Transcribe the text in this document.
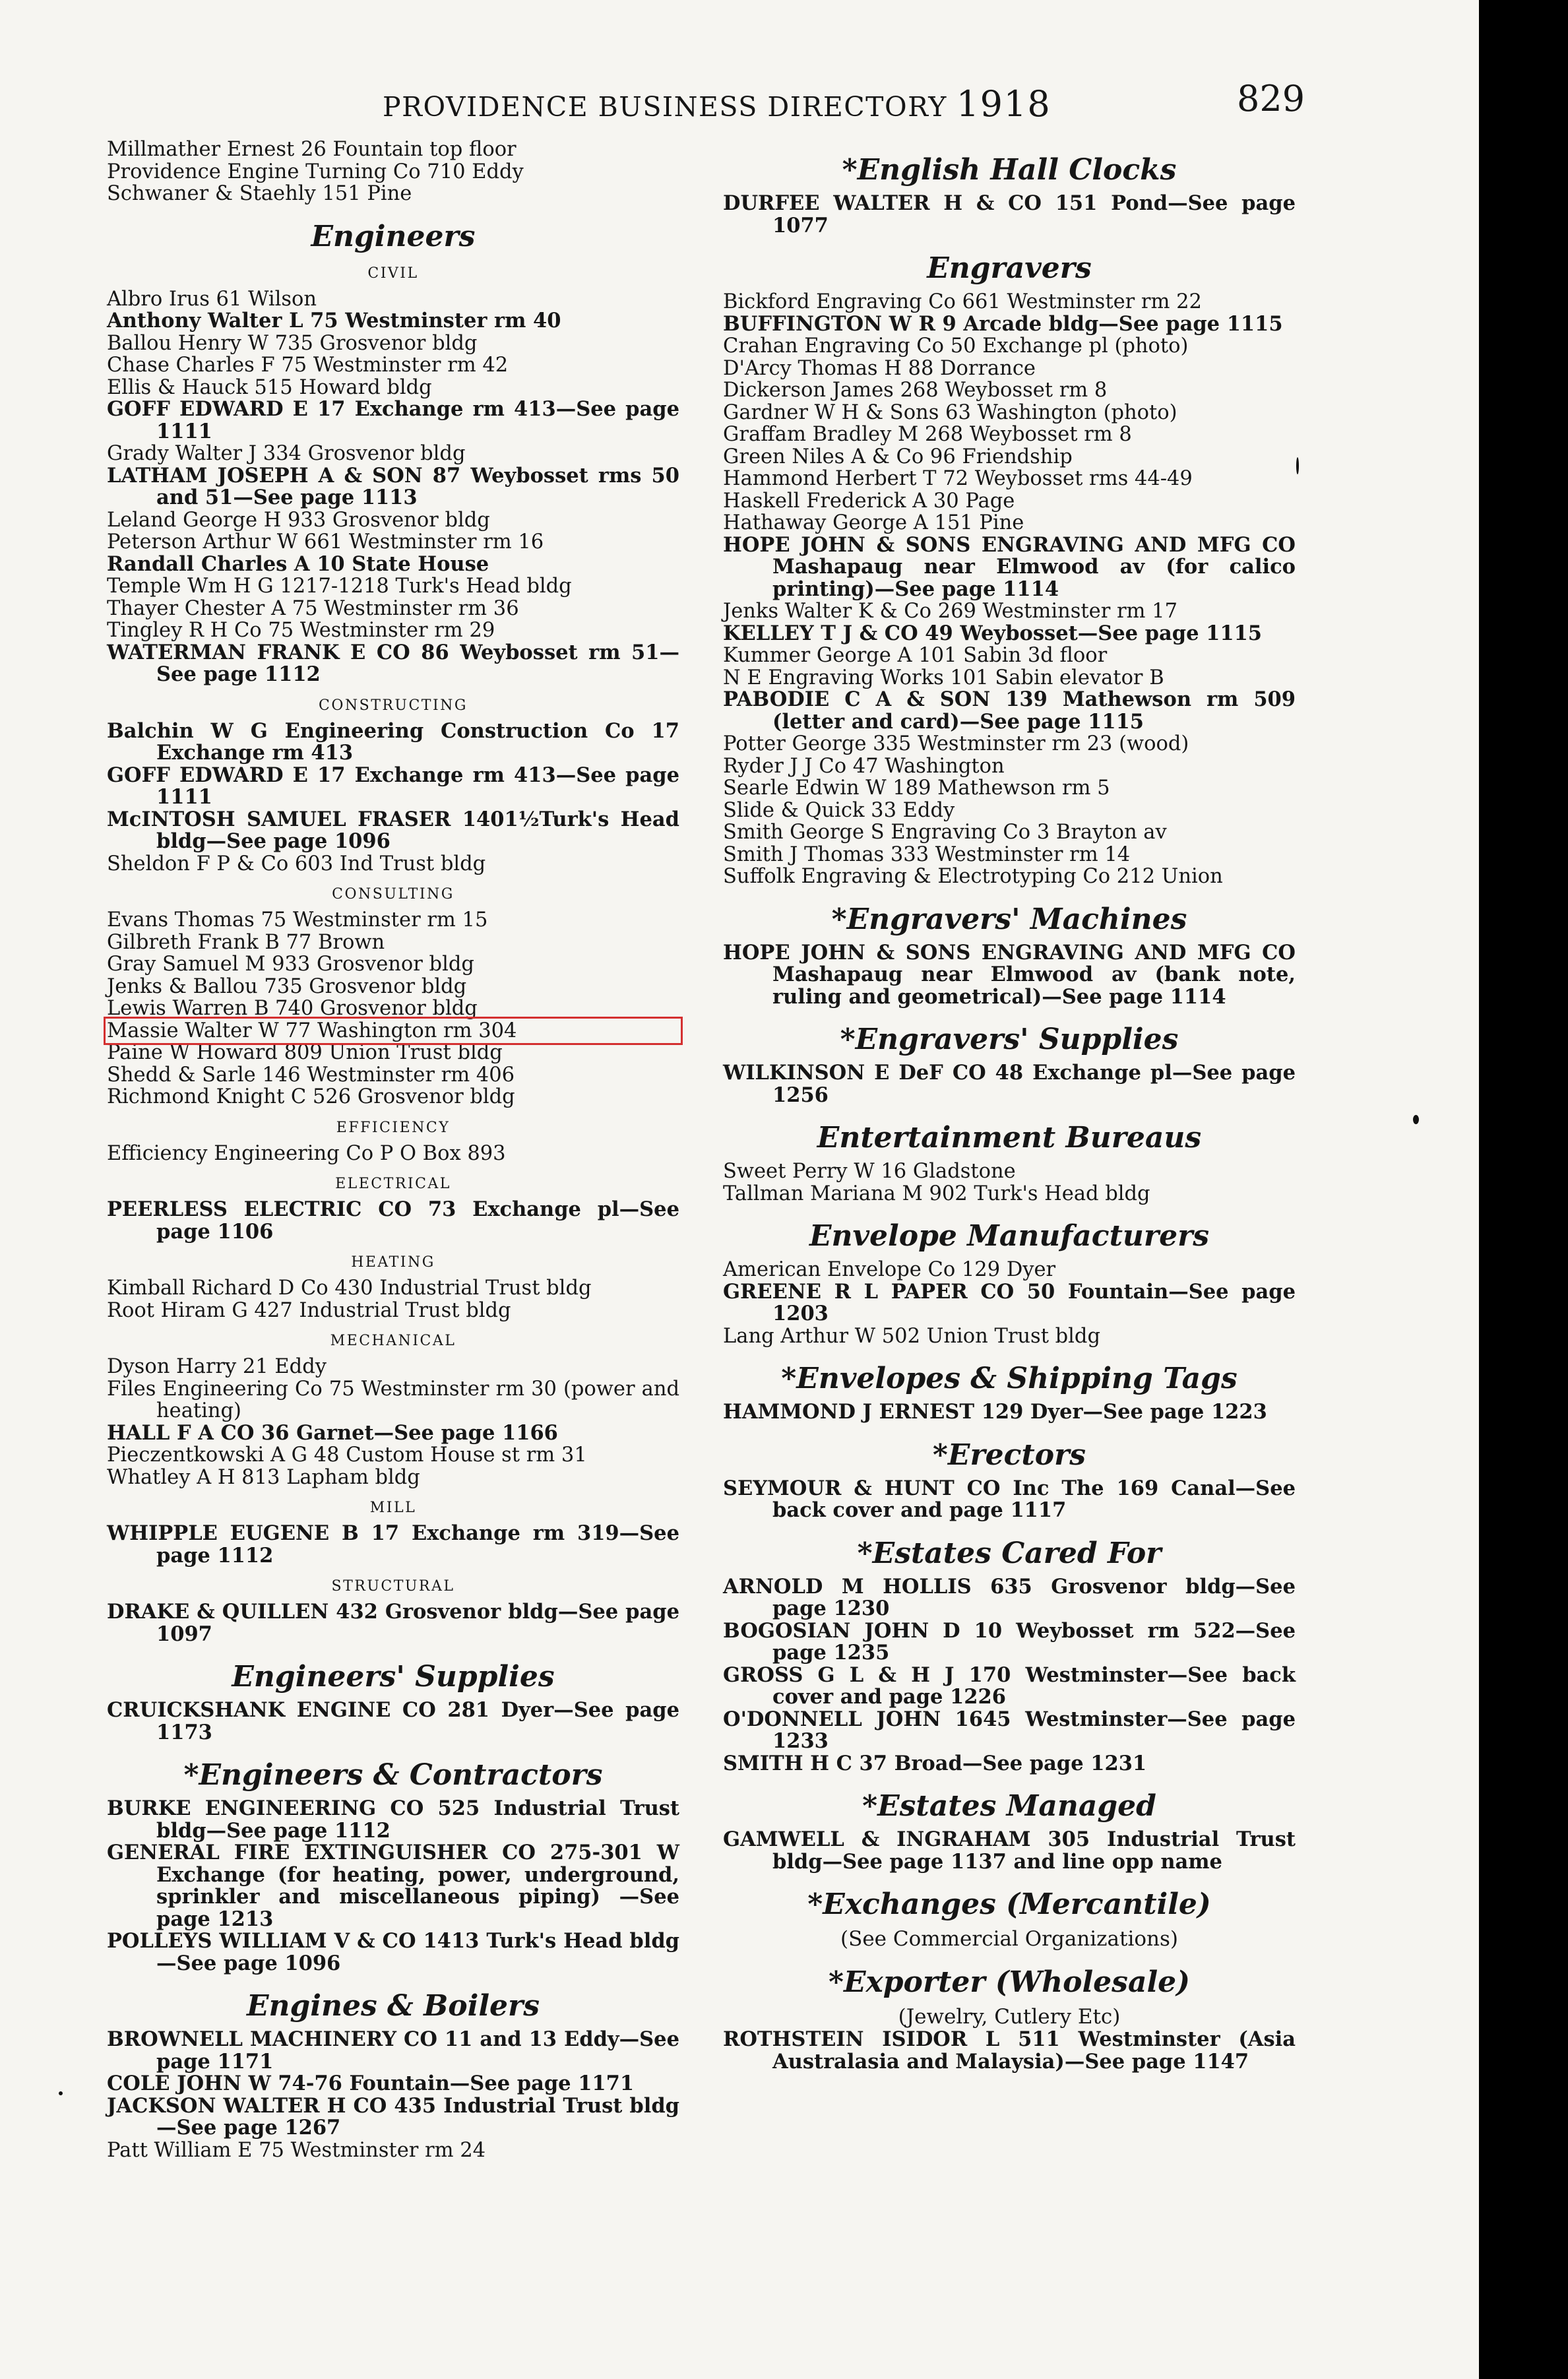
PROVIDENCE BUSINESS DIRECTORY 1918	829
Millmather Ernest 26 Fountain top floor
Providence Engine Turning Co 710 Eddy
Schwaner & Staehly 151 Pine
Engineers
CIVIL
Albro Irus 61 Wilson
Anthony Walter L 75 Westminster rm 40
Ballou Henry W 735 Grosvenor bldg
Chase Charles F 75 Westminster rm 42
Ellis & Hauck 515 Howard bldg
GOFF EDWARD E 17 Exchange rm 413—See page 1111
Grady Walter J 334 Grosvenor bldg
LATHAM JOSEPH A & SON 87 Weybosset rms 50 and 51—See page 1113
Leland George H 933 Grosvenor bldg
Peterson Arthur W 661 Westminster rm 16
Randall Charles A 10 State House
Temple Wm H G 1217-1218 Turk's Head bldg
Thayer Chester A 75 Westminster rm 36
Tingley R H Co 75 Westminster rm 29
WATERMAN FRANK E CO 86 Weybosset rm 51—See page 1112
CONSTRUCTING
Balchin W G Engineering Construction Co 17 Exchange rm 413
GOFF EDWARD E 17 Exchange rm 413—See page 1111
McINTOSH SAMUEL FRASER 1401½Turk's Head bldg—See page 1096
Sheldon F P & Co 603 Ind Trust bldg
CONSULTING
Evans Thomas 75 Westminster rm 15
Gilbreth Frank B 77 Brown
Gray Samuel M 933 Grosvenor bldg
Jenks & Ballou 735 Grosvenor bldg
Lewis Warren B 740 Grosvenor bldg
Massie Walter W 77 Washington rm 304
Paine W Howard 809 Union Trust bldg
Shedd & Sarle 146 Westminster rm 406
Richmond Knight C 526 Grosvenor bldg
EFFICIENCY
Efficiency Engineering Co P O Box 893
ELECTRICAL
PEERLESS ELECTRIC CO 73 Exchange pl—See page 1106
HEATING
Kimball Richard D Co 430 Industrial Trust bldg
Root Hiram G 427 Industrial Trust bldg
MECHANICAL
Dyson Harry 21 Eddy
Files Engineering Co 75 Westminster rm 30 (power and heating)
HALL F A CO 36 Garnet—See page 1166
Pieczentkowski A G 48 Custom House st rm 31
Whatley A H 813 Lapham bldg
MILL
WHIPPLE EUGENE B 17 Exchange rm 319—See page 1112
STRUCTURAL
DRAKE & QUILLEN 432 Grosvenor bldg—See page 1097
Engineers' Supplies
CRUICKSHANK ENGINE CO 281 Dyer—See page 1173
*Engineers & Contractors
BURKE ENGINEERING CO 525 Industrial Trust bldg—See page 1112
GENERAL FIRE EXTINGUISHER CO 275-301 W Exchange (for heating, power, underground, sprinkler and miscellaneous piping) —See page 1213
POLLEYS WILLIAM V & CO 1413 Turk's Head bldg—See page 1096
Engines & Boilers
BROWNELL MACHINERY CO 11 and 13 Eddy—See page 1171
COLE JOHN W 74-76 Fountain—See page 1171
JACKSON WALTER H CO 435 Industrial Trust bldg—See page 1267
Patt William E 75 Westminster rm 24
*English Hall Clocks
DURFEE WALTER H & CO 151 Pond—See page 1077
Engravers
Bickford Engraving Co 661 Westminster rm 22
BUFFINGTON W R 9 Arcade bldg—See page 1115
Crahan Engraving Co 50 Exchange pl (photo)
D'Arcy Thomas H 88 Dorrance
Dickerson James 268 Weybosset rm 8
Gardner W H & Sons 63 Washington (photo)
Graffam Bradley M 268 Weybosset rm 8
Green Niles A & Co 96 Friendship
Hammond Herbert T 72 Weybosset rms 44-49
Haskell Frederick A 30 Page
Hathaway George A 151 Pine
HOPE JOHN & SONS ENGRAVING AND MFG CO Mashapaug near Elmwood av (for calico printing)—See page 1114
Jenks Walter K & Co 269 Westminster rm 17
KELLEY T J & CO 49 Weybosset—See page 1115
Kummer George A 101 Sabin 3d floor
N E Engraving Works 101 Sabin elevator B
PABODIE C A & SON 139 Mathewson rm 509 (letter and card)—See page 1115
Potter George 335 Westminster rm 23 (wood)
Ryder J J Co 47 Washington
Searle Edwin W 189 Mathewson rm 5
Slide & Quick 33 Eddy
Smith George S Engraving Co 3 Brayton av
Smith J Thomas 333 Westminster rm 14
Suffolk Engraving & Electrotyping Co 212 Union
*Engravers' Machines
HOPE JOHN & SONS ENGRAVING AND MFG CO Mashapaug near Elmwood av (bank note, ruling and geometrical)—See page 1114
*Engravers' Supplies
WILKINSON E DeF CO 48 Exchange pl—See page 1256
Entertainment Bureaus
Sweet Perry W 16 Gladstone
Tallman Mariana M 902 Turk's Head bldg
Envelope Manufacturers
American Envelope Co 129 Dyer
GREENE R L PAPER CO 50 Fountain—See page 1203
Lang Arthur W 502 Union Trust bldg
*Envelopes & Shipping Tags
HAMMOND J ERNEST 129 Dyer—See page 1223
*Erectors
SEYMOUR & HUNT CO Inc The 169 Canal—See back cover and page 1117
*Estates Cared For
ARNOLD M HOLLIS 635 Grosvenor bldg—See page 1230
BOGOSIAN JOHN D 10 Weybosset rm 522—See page 1235
GROSS G L & H J 170 Westminster—See back cover and page 1226
O'DONNELL JOHN 1645 Westminster—See page 1233
SMITH H C 37 Broad—See page 1231
*Estates Managed
GAMWELL & INGRAHAM 305 Industrial Trust bldg—See page 1137 and line opp name
*Exchanges (Mercantile)
(See Commercial Organizations)
*Exporter (Wholesale)
(Jewelry, Cutlery Etc)
ROTHSTEIN ISIDOR L 511 Westminster (Asia Australasia and Malaysia)—See page 1147
